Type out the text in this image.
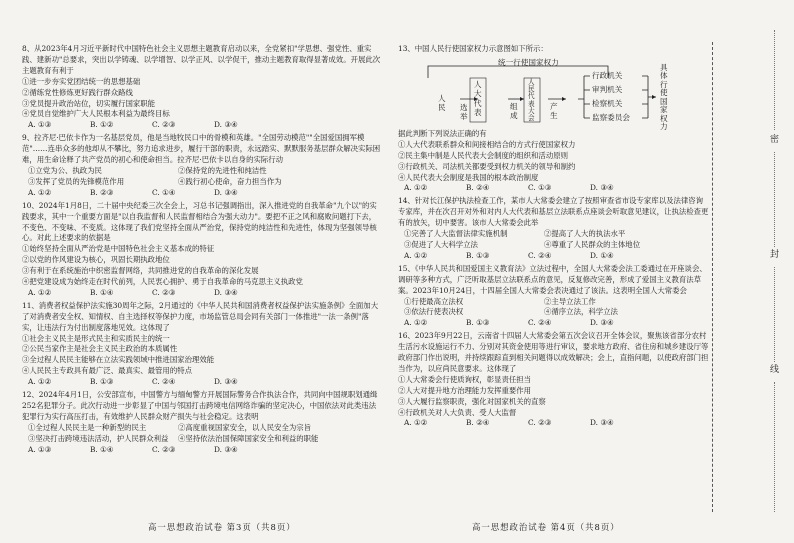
8、从2023年4月习近平新时代中国特色社会主义思想主题教育启动以来，全党紧扣"学思想、强党性、重实践、建新功"总要求，突出以学铸魂、以学增智、以学正风、以学促干，推动主题教育取得显著成效。开展此次主题教育有利于

①进一步夯实党团结统一的思想基础

②循练党性修炼更好践行群众路线

③党员提升政治站位，切实履行国家职能

④党员自觉维护广大人民根本利益为最终目标

A. ①③	B. ①②	C. ②③	D. ③④

9、拉齐尼·巴依卡作为一名基层党员，他是当地牧民口中的骨模和英雄。"全国劳动模范""全国爱国拥军模范"……连串众多的他却从不攀比，努力追求进步，履行干部的职责，永远踏实、默默服务基层群众解决实际困难，用生命诠释了共产党员的初心和使命担当。拉齐尼·巴依卡以自身的实际行动

①立党为公、执政为民	②保持党的先进性和纯洁性
③发挥了党员的先锋模范作用	④践行初心使命，奋力担当作为
A. ①②	B. ②③	C. ①④	D. ③④

10、2024年1月8日，二十届中央纪委三次全会上，习总书记强调指出，深入推进党的自我革命"九个以"的实践要求，其中一个重要方面是"以自我监督和人民监督相结合为强大动力"。要把不正之风和腐败问题打下去，不变色、不变味、不变质。这体现了我们党坚持全面从严治党，保持党的纯洁性和先进性，体现为坚强领导核心。对此上述要求的依据是

①始终坚持全面从严治党是中国特色社会主义基本成的特征

②以党的作风建设为核心，巩固长期执政地位

③有利于在系统施治中织密监督网络，共同推进党的自我革命的深化发展

④把党建设成为始终走在时代前列，人民衷心拥护、勇于自我革命的马克思主义执政党

A. ①②	B. ①④	C. ②③	D. ③④

11、消费者权益保护法实施30周年之际，2月通过的《中华人民共和国消费者权益保护法实施条例》全面加大了对消费者安全权、知情权、自主选择权等保护力度，市场监管总局会同有关部门一体推进"一法一条例"落实，让违法行为付出制度落地见效。这体现了

①社会主义民主是形式民主和实质民主的统一

②公民当家作主是社会主义民主政治的本质属性

③全过程人民民主能够在立法实践领域中推进国家治理效能

④人民民主专政具有最广泛、最真实、最管用的特点

A. ①②	B. ①③	C. ②④	D. ③④

12、2024年4月1日，公安部宣布，中国警方与缅甸警方开展国际警务合作执法合作，共同向中国规职划通缉252名犯罪分子。此次行动进一步彰显了中国与邻国打击跨境电信网络诈骗的坚定决心，中国依法对此类违法犯罪行为实行高压打击，有效维护人民群众财产损失与社会稳定。这表明

①全过程人民民主是一种新型的民主	②高度重视国家安全，以人民安全为宗旨
③坚决打击跨境违法活动，护人民群众利益	④坚持依法治国保障国家安全和利益的职能
A. ①③	B. ①④	C. ②③	D. ③④
高一思想政治试卷 第3页（共8页）

13、中国人民行使国家权力示意图如下所示：

统一行使国家权力
人民	选举
人大代表
组成
人民代表大会
产生
行政机关
审判机关
检察机关
监察委员会
具体行使国家权力

据此判断下列说法正确的有

①人大代表联系群众和间接相结合的方式行使国家权力

②民主集中制是人民代表大会制度的组织和活动原则

③行政机关、司法机关都要受到权力机关的领导和制约

④人民代表大会制度是我国的根本政治制度

A. ①②	B. ②④	C. ①③	D. ③④

14、针对长江保护执法检查工作，某市人大常委会建立了按照审查省市设专家库以及法律咨询专家库，并在次召开对外和对内人大代表和基层立法联系点座谈会听取意见建议，让执法检查更有的放矢，切中要害。该市人大常委会此举

①完善了人大监督法律实施机制	②提高了人大的执法水平
③促进了人大科学立法	④尊重了人民群众的主体地位
A. ①②	B. ①③	C. ②④	D. ①④

15、《中华人民共和国爱国主义教育法》立法过程中，全国人大常委会法工委通过在开座谈会、调研等多种方式，广泛听取基层立法联系点的意见，反复修改完善，形成了爱国主义教育法草案。2023年10月24日，十四届全国人大常委会表决通过了该法。这表明全国人大常委会

①行使最高立法权	②主导立法工作
③依法行使表决权	④循序立法，科学立法
A. ①②	B. ①③	C. ②④	D. ③④

16、2023年9月22日，云南省十四届人大常委会第五次会议召开全体会议，聚焦该省部分农村生活污水设施运行不力、分别对其资金使用等进行审议，要求地方政府、省住房和城乡建设厅等政府部门作出说明，并持续跟踪直到相关问题得以成效解决；会上，直指问题，以使政府部门担当作为，以应尚民意要求。这体现了

①人大常委会行使质询权，彰显责任担当

②人大对提升地方治理能力发挥重要作用

③人大履行监察职责，强化对国家机关的直察

④行政机关对人大负责、受人大监督

A. ①②	B. ②④	C. ②③	D. ③④
高一思想政治试卷 第4页（共8页）
密
封
线
